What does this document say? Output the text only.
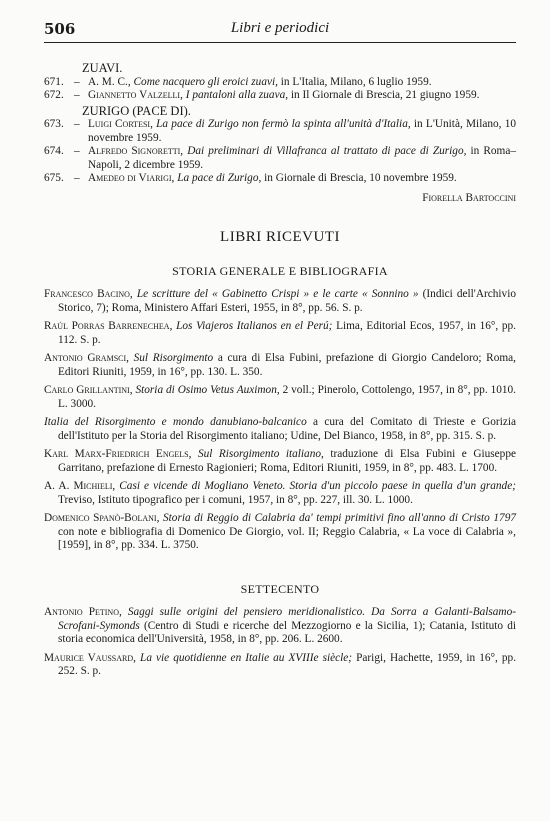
506	Libri e periodici
ZUAVI.
671. – A. M. C., Come nacquero gli eroici zuavi, in L'Italia, Milano, 6 luglio 1959.
672. – Giannetto Valzelli, I pantaloni alla zuava, in Il Giornale di Brescia, 21 giugno 1959.
ZURIGO (PACE DI).
673. – Luigi Cortesi, La pace di Zurigo non fermò la spinta all'unità d'Italia, in L'Unità, Milano, 10 novembre 1959.
674. – Alfredo Signoretti, Dai preliminari di Villafranca al trattato di pace di Zurigo, in Roma–Napoli, 2 dicembre 1959.
675. – Amedeo di Viarigi, La pace di Zurigo, in Giornale di Brescia, 10 novembre 1959.
Fiorella Bartoccini
LIBRI RICEVUTI
STORIA GENERALE E BIBLIOGRAFIA
Francesco Bacino, Le scritture del « Gabinetto Crispi » e le carte « Sonnino » (Indici dell'Archivio Storico, 7); Roma, Ministero Affari Esteri, 1955, in 8°, pp. 56. S. p.
Raúl Porras Barrenechea, Los Viajeros Italianos en el Perú; Lima, Editorial Ecos, 1957, in 16°, pp. 112. S. p.
Antonio Gramsci, Sul Risorgimento a cura di Elsa Fubini, prefazione di Giorgio Candeloro; Roma, Editori Riuniti, 1959, in 16°, pp. 130. L. 350.
Carlo Grillantini, Storia di Osimo Vetus Auximon, 2 voll.; Pinerolo, Cottolengo, 1957, in 8°, pp. 1010. L. 3000.
Italia del Risorgimento e mondo danubiano-balcanico a cura del Comitato di Trieste e Gorizia dell'Istituto per la Storia del Risorgimento italiano; Udine, Del Bianco, 1958, in 8°, pp. 315. S. p.
Karl Marx-Friedrich Engels, Sul Risorgimento italiano, traduzione di Elsa Fubini e Giuseppe Garritano, prefazione di Ernesto Ragionieri; Roma, Editori Riuniti, 1959, in 8°, pp. 483. L. 1700.
A. A. Michieli, Casi e vicende di Mogliano Veneto. Storia d'un piccolo paese in quella d'un grande; Treviso, Istituto tipografico per i comuni, 1957, in 8°, pp. 227, ill. 30. L. 1000.
Domenico Spanò-Bolani, Storia di Reggio di Calabria da' tempi primitivi fino all'anno di Cristo 1797 con note e bibliografia di Domenico De Giorgio, vol. II; Reggio Calabria, « La voce di Calabria », [1959], in 8°, pp. 334. L. 3750.
SETTECENTO
Antonio Petino, Saggi sulle origini del pensiero meridionalistico. Da Sorra a Galanti-Balsamo-Scrofani-Symonds (Centro di Studi e ricerche del Mezzogiorno e la Sicilia, 1); Catania, Istituto di storia economica dell'Università, 1958, in 8°, pp. 206. L. 2600.
Maurice Vaussard, La vie quotidienne en Italie au XVIIIe siècle; Parigi, Hachette, 1959, in 16°, pp. 252. S. p.
